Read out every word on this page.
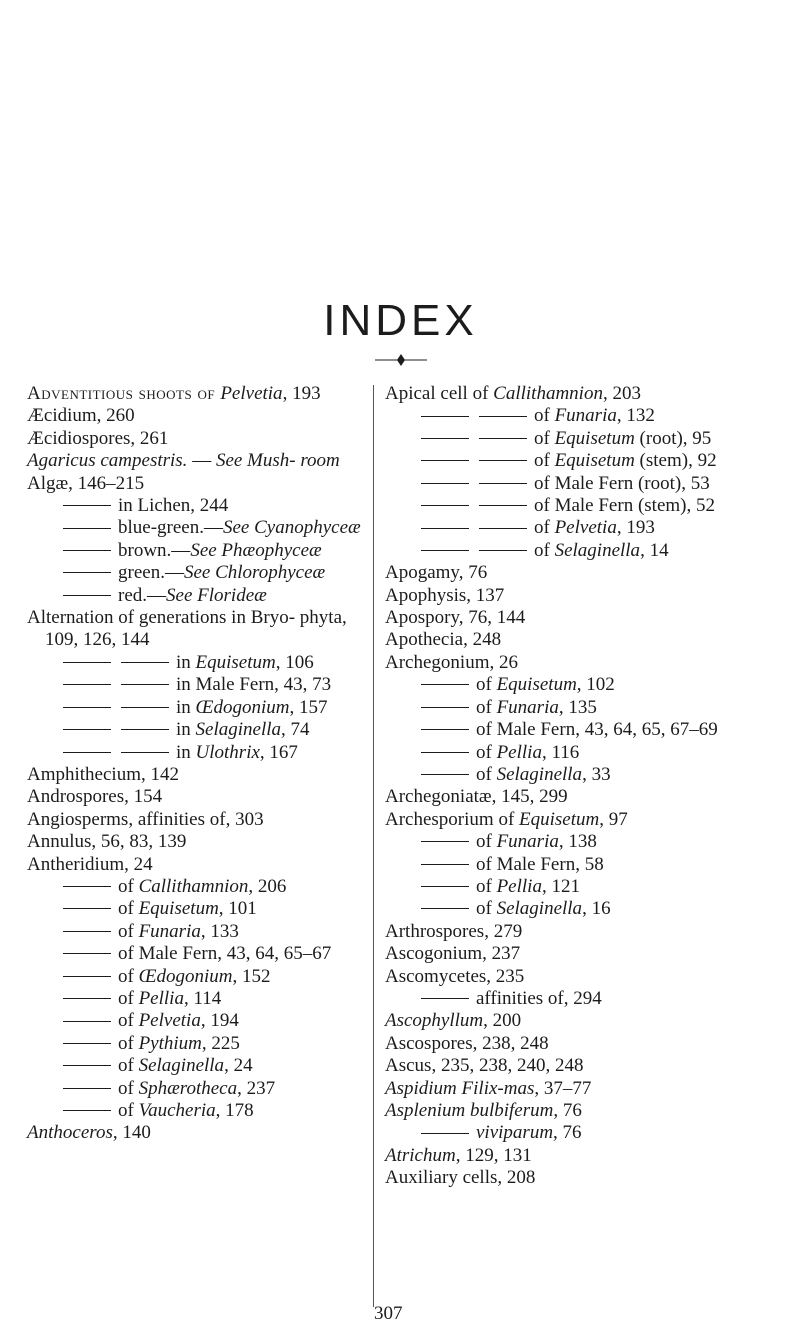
INDEX
Adventitious shoots of Pelvetia, 193
Æcidium, 260
Æcidiospores, 261
Agaricus campestris. — See Mush- room
Algæ, 146–215
in Lichen, 244
blue-green.—See Cyanophyceæ
brown.—See Phæophyceæ
green.—See Chlorophyceæ
red.—See Florideæ
Alternation of generations in Bryo- phyta, 109, 126, 144
in Equisetum, 106
in Male Fern, 43, 73
in Œdogonium, 157
in Selaginella, 74
in Ulothrix, 167
Amphithecium, 142
Androspores, 154
Angiosperms, affinities of, 303
Annulus, 56, 83, 139
Antheridium, 24
of Callithamnion, 206
of Equisetum, 101
of Funaria, 133
of Male Fern, 43, 64, 65–67
of Œdogonium, 152
of Pellia, 114
of Pelvetia, 194
of Pythium, 225
of Selaginella, 24
of Sphærotheca, 237
of Vaucheria, 178
Anthoceros, 140
Apical cell of Callithamnion, 203
of Funaria, 132
of Equisetum (root), 95
of Equisetum (stem), 92
of Male Fern (root), 53
of Male Fern (stem), 52
of Pelvetia, 193
of Selaginella, 14
Apogamy, 76
Apophysis, 137
Apospory, 76, 144
Apothecia, 248
Archegonium, 26
of Equisetum, 102
of Funaria, 135
of Male Fern, 43, 64, 65, 67–69
of Pellia, 116
of Selaginella, 33
Archegoniatæ, 145, 299
Archesporium of Equisetum, 97
of Funaria, 138
of Male Fern, 58
of Pellia, 121
of Selaginella, 16
Arthrospores, 279
Ascogonium, 237
Ascomycetes, 235
affinities of, 294
Ascophyllum, 200
Ascospores, 238, 248
Ascus, 235, 238, 240, 248
Aspidium Filix-mas, 37–77
Asplenium bulbiferum, 76
viviparum, 76
Atrichum, 129, 131
Auxiliary cells, 208
307
